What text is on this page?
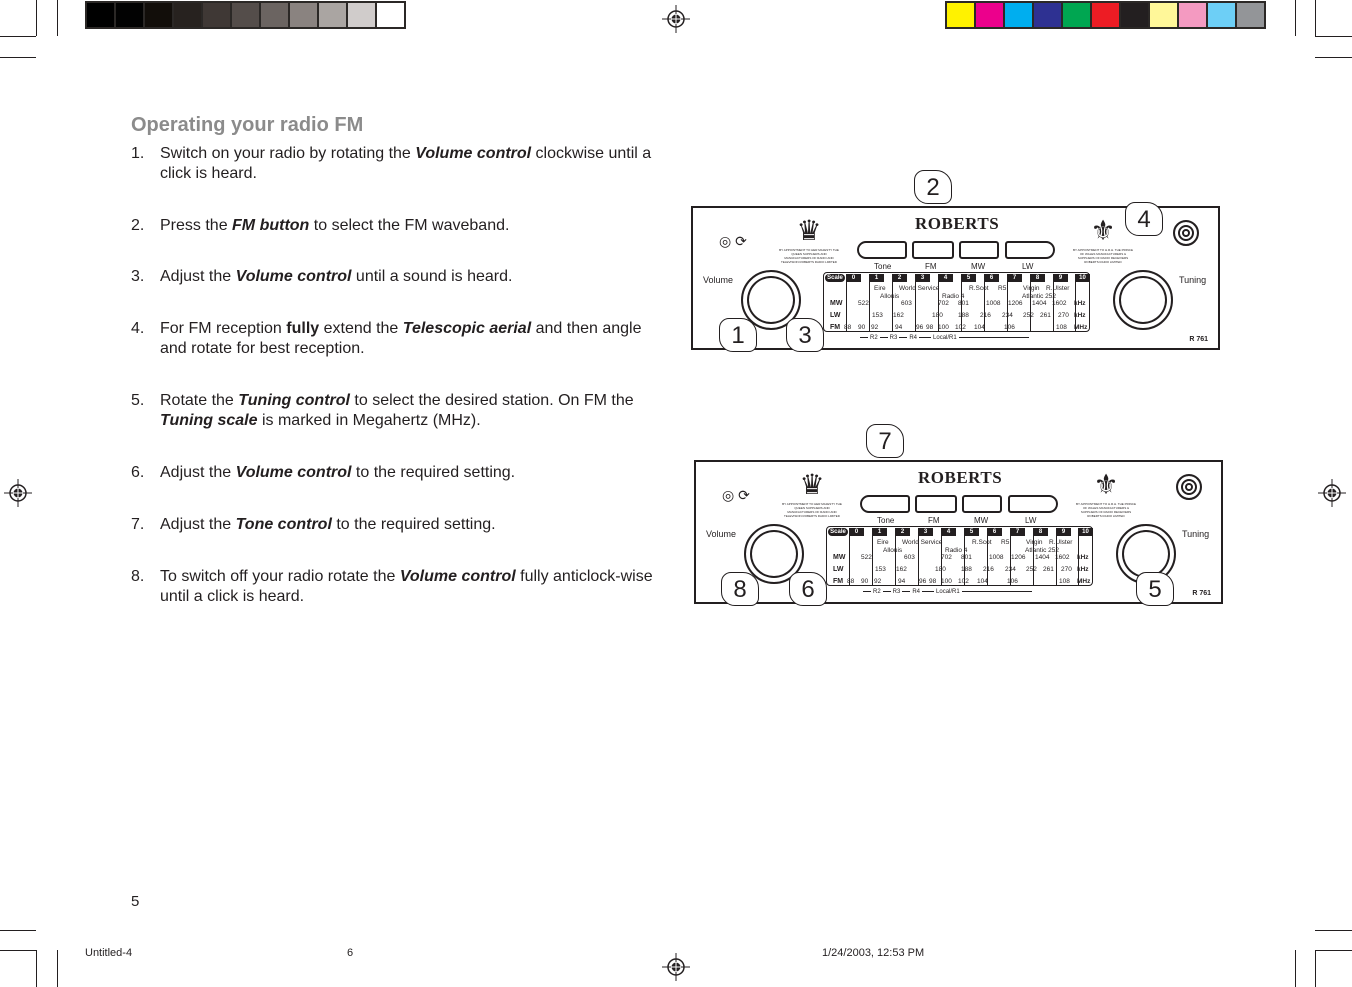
Operating your radio FM
1. Switch on your radio by rotating the Volume control clockwise until a click is heard.
2. Press the FM button to select the FM waveband.
3. Adjust the Volume control until a sound is heard.
4. For FM reception fully extend the Telescopic aerial and then angle and rotate for best reception.
5. Rotate the Tuning control to select the desired station. On FM the Tuning scale is marked in Megahertz (MHz).
6. Adjust the Volume control to the required setting.
7. Adjust the Tone control to the required setting.
8. To switch off your radio rotate the Volume control fully anticlock-wise until a click is heard.
◎ ⟳ ♛
BY APPOINTMENT TO HER MAJESTY THE QUEEN SUPPLIERS AND MANUFACTURERS OF RADIO AND TELEVISION ROBERTS RADIO LIMITED
⚜
BY APPOINTMENT TO H.R.H. THE PRINCE OF WALES MANUFACTURERS & SUPPLIERS OF RADIO RECEIVERS ROBERTS RADIO LIMITED
ROBERTS
Tone	FM	MW	LW
Volume	Tuning
R 761
Scale	0	1	2	3	4	5	6	7	8	9	10
Eire World Service	R.Scot R5	Virgin R.Ulster
Allouis	Radio 4	Atlantic 252
MW 522	603	702 801	1008 1206 1404 1602 kHz
LW	153 162	180 188 216 234 252 261 270 kHz
FM 88 90 92	94 96 98 100 102 104	106	108 MHz
R2 R3 R4	Local/R1
1	3
2
4
◎ ⟳ ♛
BY APPOINTMENT TO HER MAJESTY THE QUEEN SUPPLIERS AND MANUFACTURERS OF RADIO AND TELEVISION ROBERTS RADIO LIMITED
⚜
BY APPOINTMENT TO H.R.H. THE PRINCE OF WALES MANUFACTURERS & SUPPLIERS OF RADIO RECEIVERS ROBERTS RADIO LIMITED
ROBERTS
Tone	FM	MW	LW
Volume	Tuning
R 761
Scale	0	1	2	3	4	5	6	7	8	9	10
Eire World Service	R.Scot R5	Virgin R.Ulster
Allouis	Radio 4	Atlantic 252
MW 522	603	702 801	1008 1206 1404 1602 kHz
LW	153 162	180 188 216 234 252 261 270 kHz
FM 88 90 92	94 96 98 100 102 104	106	108 MHz
R2 R3 R4	Local/R1
7
8	6	5
5
Untitled-4	6	1/24/2003, 12:53 PM
